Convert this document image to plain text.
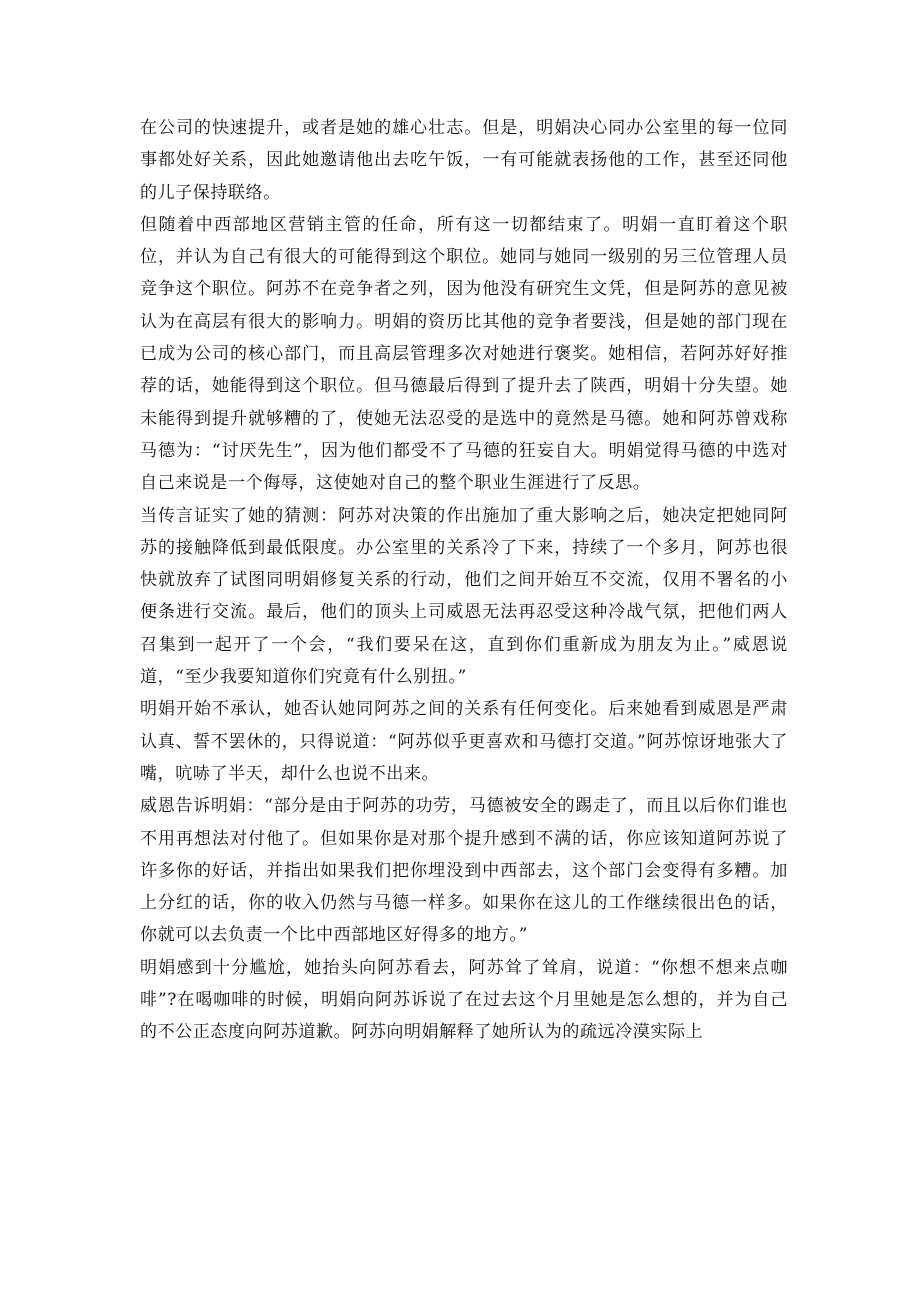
在公司的快速提升，或者是她的雄心壮志。但是，明娟决心同办公室里的每一位同事都处好关系，因此她邀请他出去吃午饭，一有可能就表扬他的工作，甚至还同他的儿子保持联络。

但随着中西部地区营销主管的任命，所有这一切都结束了。明娟一直盯着这个职位，并认为自己有很大的可能得到这个职位。她同与她同一级别的另三位管理人员竞争这个职位。阿苏不在竞争者之列，因为他没有研究生文凭，但是阿苏的意见被认为在高层有很大的影响力。明娟的资历比其他的竞争者要浅，但是她的部门现在已成为公司的核心部门，而且高层管理多次对她进行褒奖。她相信，若阿苏好好推荐的话，她能得到这个职位。但马德最后得到了提升去了陕西，明娟十分失望。她未能得到提升就够糟的了，使她无法忍受的是选中的竟然是马德。她和阿苏曾戏称马德为：“讨厌先生”，因为他们都受不了马德的狂妄自大。明娟觉得马德的中选对自己来说是一个侮辱，这使她对自己的整个职业生涯进行了反思。

当传言证实了她的猜测：阿苏对决策的作出施加了重大影响之后，她决定把她同阿苏的接触降低到最低限度。办公室里的关系冷了下来，持续了一个多月，阿苏也很快就放弃了试图同明娟修复关系的行动，他们之间开始互不交流，仅用不署名的小便条进行交流。最后，他们的顶头上司威恩无法再忍受这种冷战气氛，把他们两人召集到一起开了一个会，“我们要呆在这，直到你们重新成为朋友为止。”威恩说道，“至少我要知道你们究竟有什么别扭。”

明娟开始不承认，她否认她同阿苏之间的关系有任何变化。后来她看到威恩是严肃认真、誓不罢休的，只得说道：“阿苏似乎更喜欢和马德打交道。”阿苏惊讶地张大了嘴，吭哧了半天，却什么也说不出来。

威恩告诉明娟：“部分是由于阿苏的功劳，马德被安全的踢走了，而且以后你们谁也不用再想法对付他了。但如果你是对那个提升感到不满的话，你应该知道阿苏说了许多你的好话，并指出如果我们把你埋没到中西部去，这个部门会变得有多糟。加上分红的话，你的收入仍然与马德一样多。如果你在这儿的工作继续很出色的话，你就可以去负责一个比中西部地区好得多的地方。”

明娟感到十分尴尬，她抬头向阿苏看去，阿苏耸了耸肩，说道：“你想不想来点咖啡”?在喝咖啡的时候，明娟向阿苏诉说了在过去这个月里她是怎么想的，并为自己的不公正态度向阿苏道歉。阿苏向明娟解释了她所认为的疏远冷漠实际上
